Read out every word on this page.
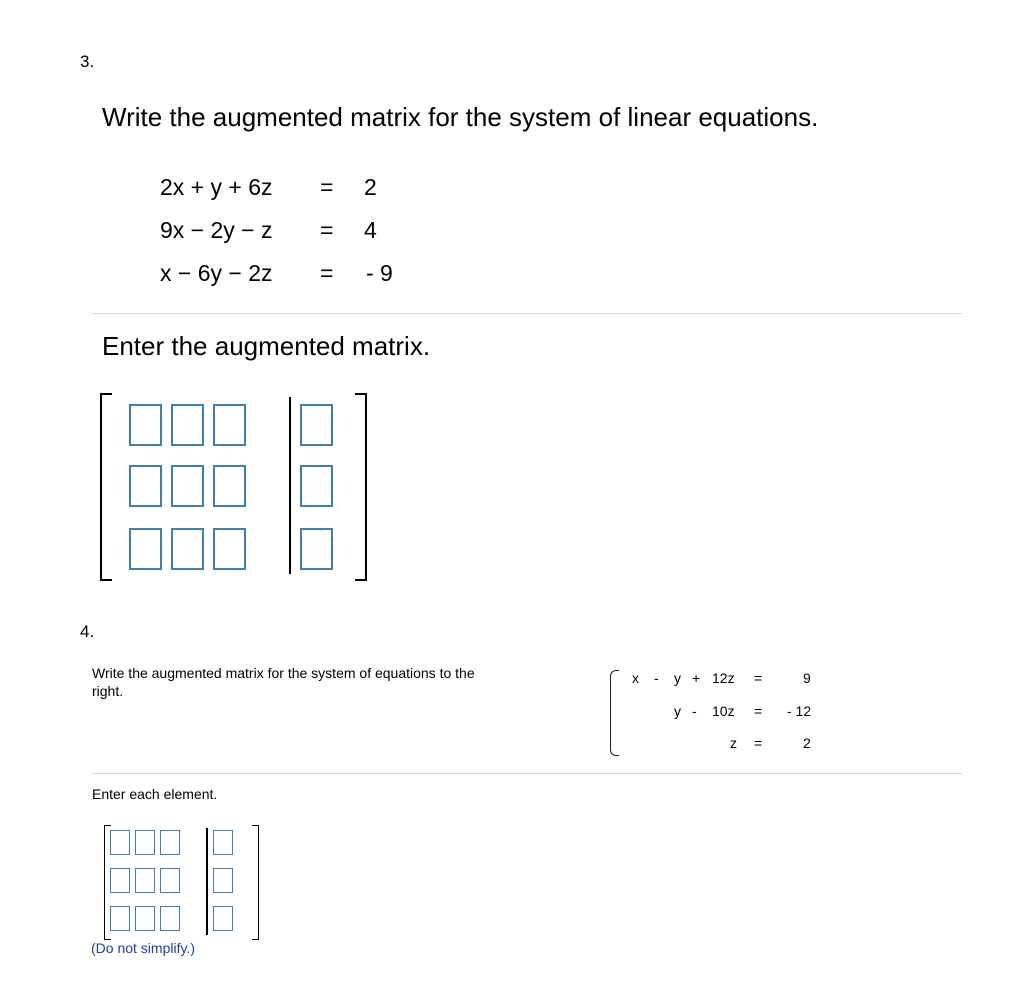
3.
Write the augmented matrix for the system of linear equations.
2x + y + 6z = 2
9x − 2y − z = 4
x − 6y − 2z = - 9
Enter the augmented matrix.
4.
Write the augmented matrix for the system of equations to the
right.
x - y + 12z =	9
y - 10z = - 12
z =	2
Enter each element.
(Do not simplify.)
